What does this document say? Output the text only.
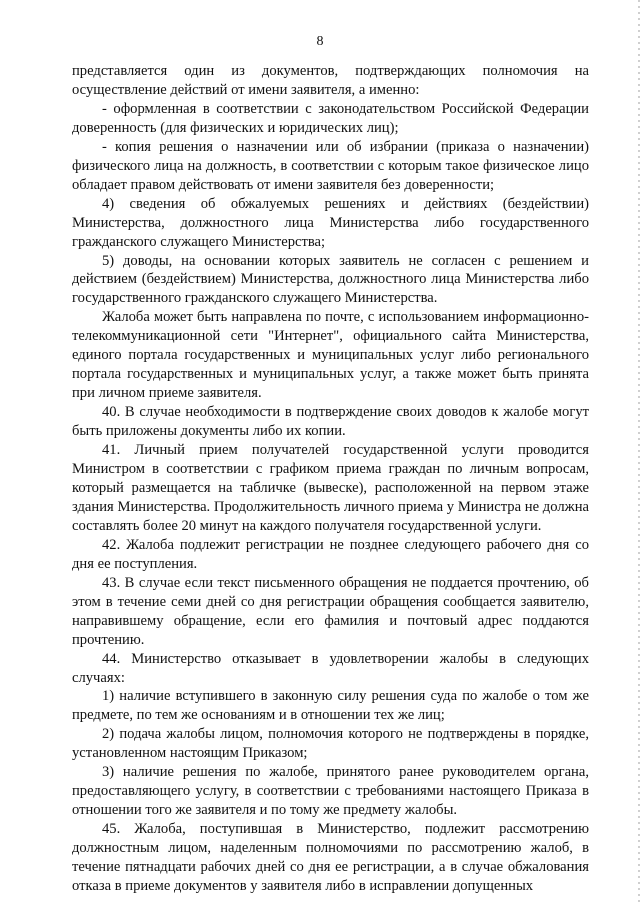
8

представляется один из документов, подтверждающих полномочия на осуществление действий от имени заявителя, а именно:

- оформленная в соответствии с законодательством Российской Федерации доверенность (для физических и юридических лиц);

- копия решения о назначении или об избрании (приказа о назначении) физического лица на должность, в соответствии с которым такое физическое лицо обладает правом действовать от имени заявителя без доверенности;

4) сведения об обжалуемых решениях и действиях (бездействии) Министерства, должностного лица Министерства либо государственного гражданского служащего Министерства;

5) доводы, на основании которых заявитель не согласен с решением и действием (бездействием) Министерства, должностного лица Министерства либо государственного гражданского служащего Министерства.

Жалоба может быть направлена по почте, с использованием информационно-телекоммуникационной сети "Интернет", официального сайта Министерства, единого портала государственных и муниципальных услуг либо регионального портала государственных и муниципальных услуг, а также может быть принята при личном приеме заявителя.

40. В случае необходимости в подтверждение своих доводов к жалобе могут быть приложены документы либо их копии.

41. Личный прием получателей государственной услуги проводится Министром в соответствии с графиком приема граждан по личным вопросам, который размещается на табличке (вывеске), расположенной на первом этаже здания Министерства. Продолжительность личного приема у Министра не должна составлять более 20 минут на каждого получателя государственной услуги.

42. Жалоба подлежит регистрации не позднее следующего рабочего дня со дня ее поступления.

43. В случае если текст письменного обращения не поддается прочтению, об этом в течение семи дней со дня регистрации обращения сообщается заявителю, направившему обращение, если его фамилия и почтовый адрес поддаются прочтению.

44. Министерство отказывает в удовлетворении жалобы в следующих случаях:

1) наличие вступившего в законную силу решения суда по жалобе о том же предмете, по тем же основаниям и в отношении тех же лиц;

2) подача жалобы лицом, полномочия которого не подтверждены в порядке, установленном настоящим Приказом;

3) наличие решения по жалобе, принятого ранее руководителем органа, предоставляющего услугу, в соответствии с требованиями настоящего Приказа в отношении того же заявителя и по тому же предмету жалобы.

45. Жалоба, поступившая в Министерство, подлежит рассмотрению должностным лицом, наделенным полномочиями по рассмотрению жалоб, в течение пятнадцати рабочих дней со дня ее регистрации, а в случае обжалования отказа в приеме документов у заявителя либо в исправлении допущенных
